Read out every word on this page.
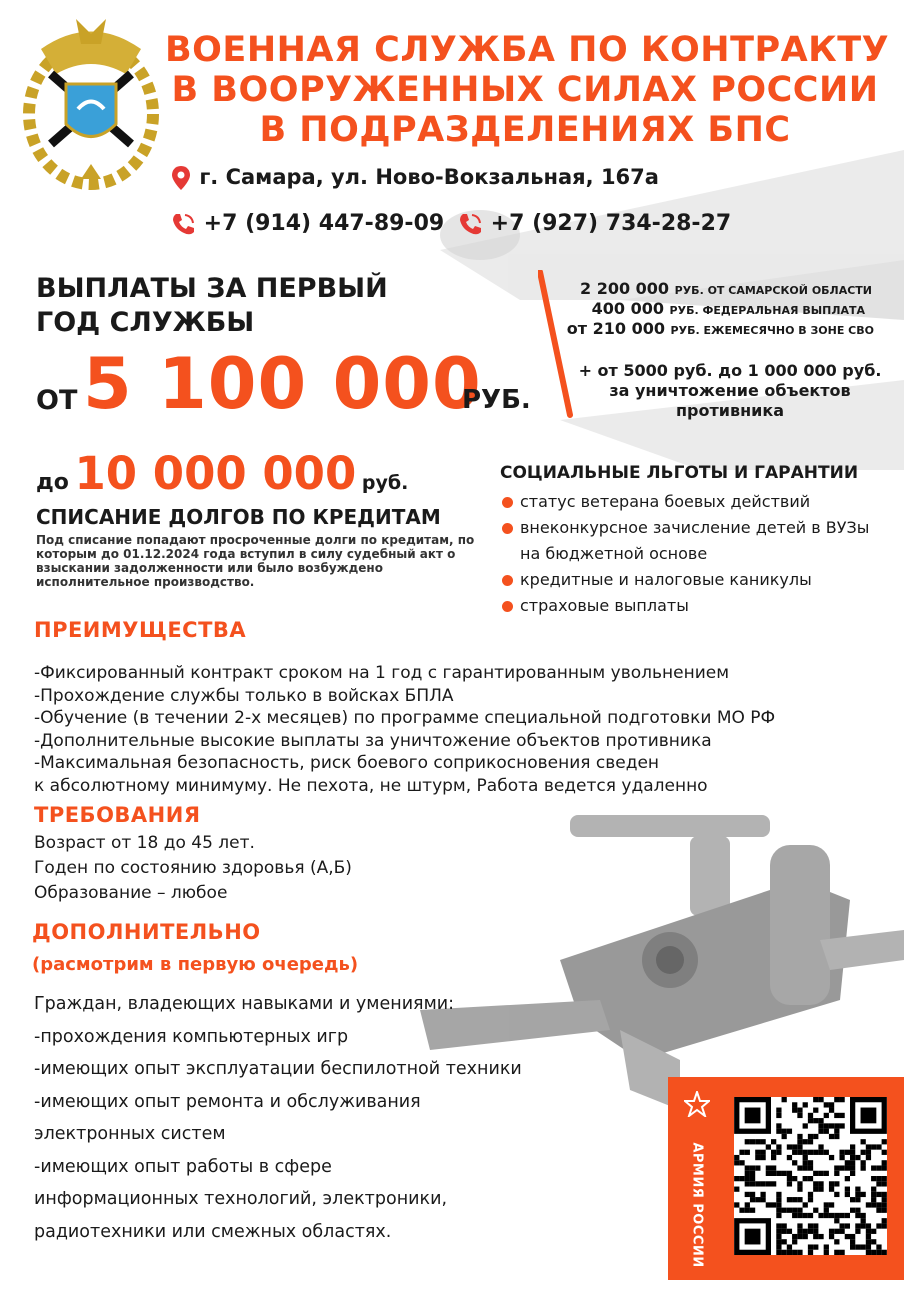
ВОЕННАЯ СЛУЖБА ПО КОНТРАКТУ
В ВООРУЖЕННЫХ СИЛАХ РОССИИ
В ПОДРАЗДЕЛЕНИЯХ БПС
г. Самара, ул. Ново-Вокзальная, 167а
+7 (914) 447-89-09	+7 (927) 734-28-27
ВЫПЛАТЫ ЗА ПЕРВЫЙ
ГОД СЛУЖБЫ
ОТ 5 100 000
РУБ.
2 200 000 РУБ. ОТ САМАРСКОЙ ОБЛАСТИ
400 000 РУБ. ФЕДЕРАЛЬНАЯ ВЫПЛАТА
от 210 000 РУБ. ЕЖЕМЕСЯЧНО В ЗОНЕ СВО
+ от 5000 руб. до 1 000 000 руб.
за уничтожение объектов
противника
до 10 000 000 руб.
СПИСАНИЕ ДОЛГОВ ПО КРЕДИТАМ
Под списание попадают просроченные долги по кредитам, по которым до 01.12.2024 года вступил в силу судебный акт о взыскании задолженности или было возбуждено исполнительное производство.
СОЦИАЛЬНЫЕ ЛЬГОТЫ И ГАРАНТИИ
статус ветерана боевых действий
внеконкурсное зачисление детей в ВУЗы на бюджетной основе
кредитные и налоговые каникулы
страховые выплаты
ПРЕИМУЩЕСТВА
-Фиксированный контракт сроком на 1 год с гарантированным увольнением
-Прохождение службы только в войсках БПЛА
-Обучение (в течении 2-х месяцев) по программе специальной подготовки МО РФ
-Дополнительные высокие выплаты за уничтожение объектов противника
-Максимальная безопасность, риск боевого соприкосновения сведен
к абсолютному минимуму. Не пехота, не штурм, Работа ведется удаленно
ТРЕБОВАНИЯ
Возраст от 18 до 45 лет.
Годен по состоянию здоровья (А,Б)
Образование – любое
ДОПОЛНИТЕЛЬНО
(расмотрим в первую очередь)
Граждан, владеющих навыками и умениями:
-прохождения компьютерных игр
-имеющих опыт эксплуатации беспилотной техники
-имеющих опыт ремонта и обслуживания
электронных систем
-имеющих опыт работы в сфере
информационных технологий, электроники,
радиотехники или смежных областях.	АРМИЯ РОССИИ
